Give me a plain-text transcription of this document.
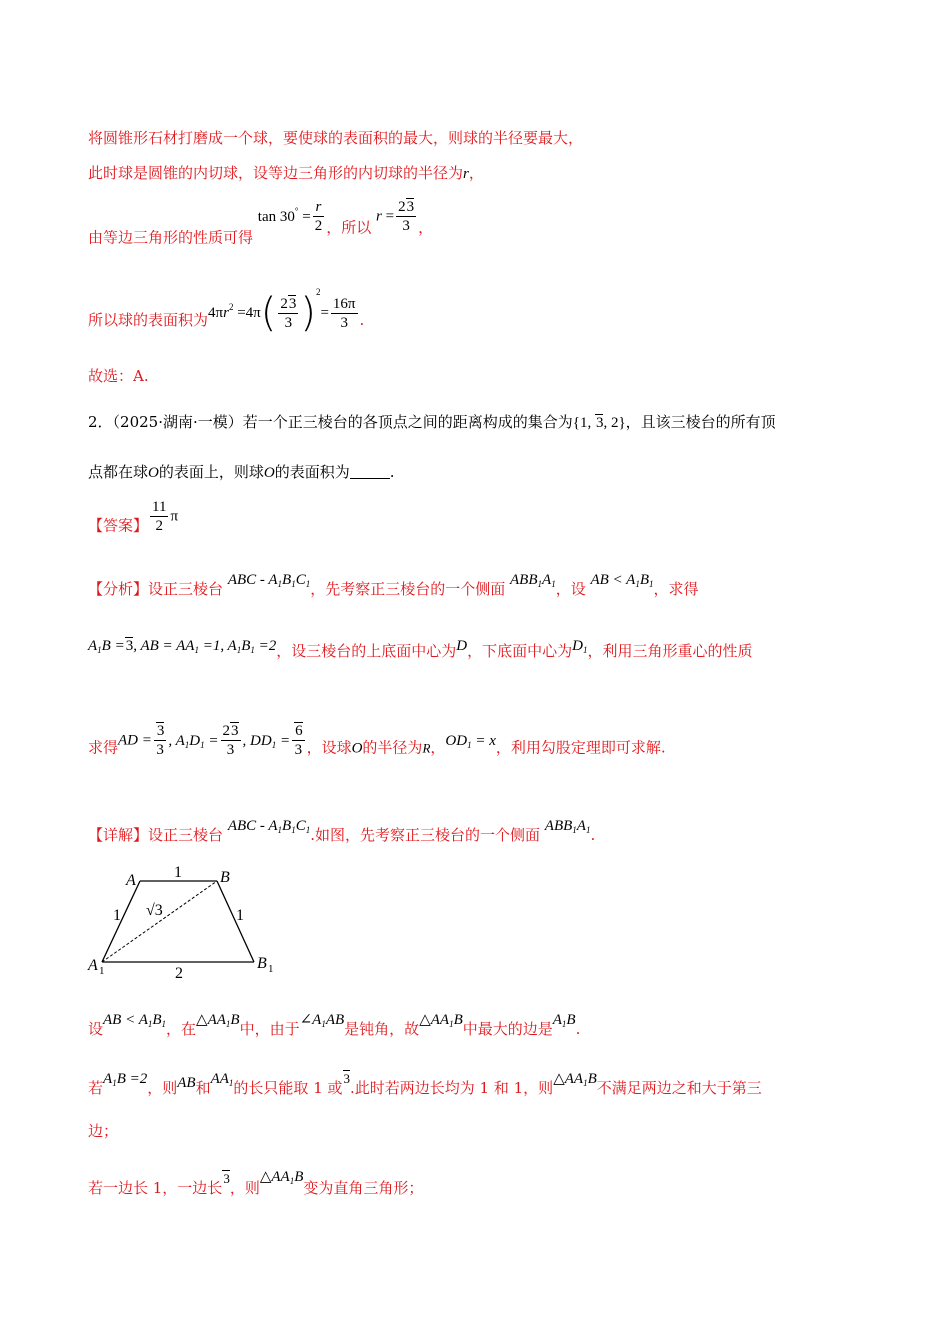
将圆锥形石材打磨成一个球，要使球的表面积的最大，则球的半径要最大，
此时球是圆锥的内切球，设等边三角形的内切球的半径为r，
由等边三角形的性质可得 $\tan 30^\circ = \frac{r}{2}$ ，所以 $r = \frac{23}{3}$ ，
所以球的表面积为$4\pi r^2 =4\pi( \frac{23}{3} )^2= \frac{16\pi}{3}$ .
故选：A.
2．（2025·湖南·一模）若一个正三棱台的各顶点之间的距离构成的集合为{1, 3, 2}，且该三棱台的所有顶
点都在球O的表面上，则球O的表面积为	.
【答案】 $\frac{11}{2}$ π
【分析】设正三棱台 ABC - $A_1B_1C_1$，先考察正三棱台的一个侧面 $ABB_1A_1$，设 AB < $A_1B_1$，求得
$A_1B =3$, AB = $AA_1 =1$, $A_1B_1 =2$，设三棱台的上底面中心为D，下底面中心为$D_1$，利用三角形重心的性质
求得AD = $\frac{3}{3}$ , $A_1D_1 = \frac{23}{3}$ , $DD_1 = \frac{6}{3}$ ，设球O的半径为R，$OD_1 = x$，利用勾股定理即可求解.
【详解】设正三棱台 ABC - $A_1B_1C_1$.如图，先考察正三棱台的一个侧面 $ABB_1A_1$.
A	B
A 1	B 1
1
1	1
2
√3
设AB < $A_1B_1$，在$\triangle AA_1B$中，由于$\angle A_1AB$是钝角，故$\triangle AA_1B$中最大的边是$A_1B$.
若$A_1B =2$，则AB和$AA_1$的长只能取 1 或3.此时若两边长均为 1 和 1，则$\triangle AA_1B$不满足两边之和大于第三
边；
若一边长 1，一边长3，则$\triangle AA_1B$变为直角三角形；
